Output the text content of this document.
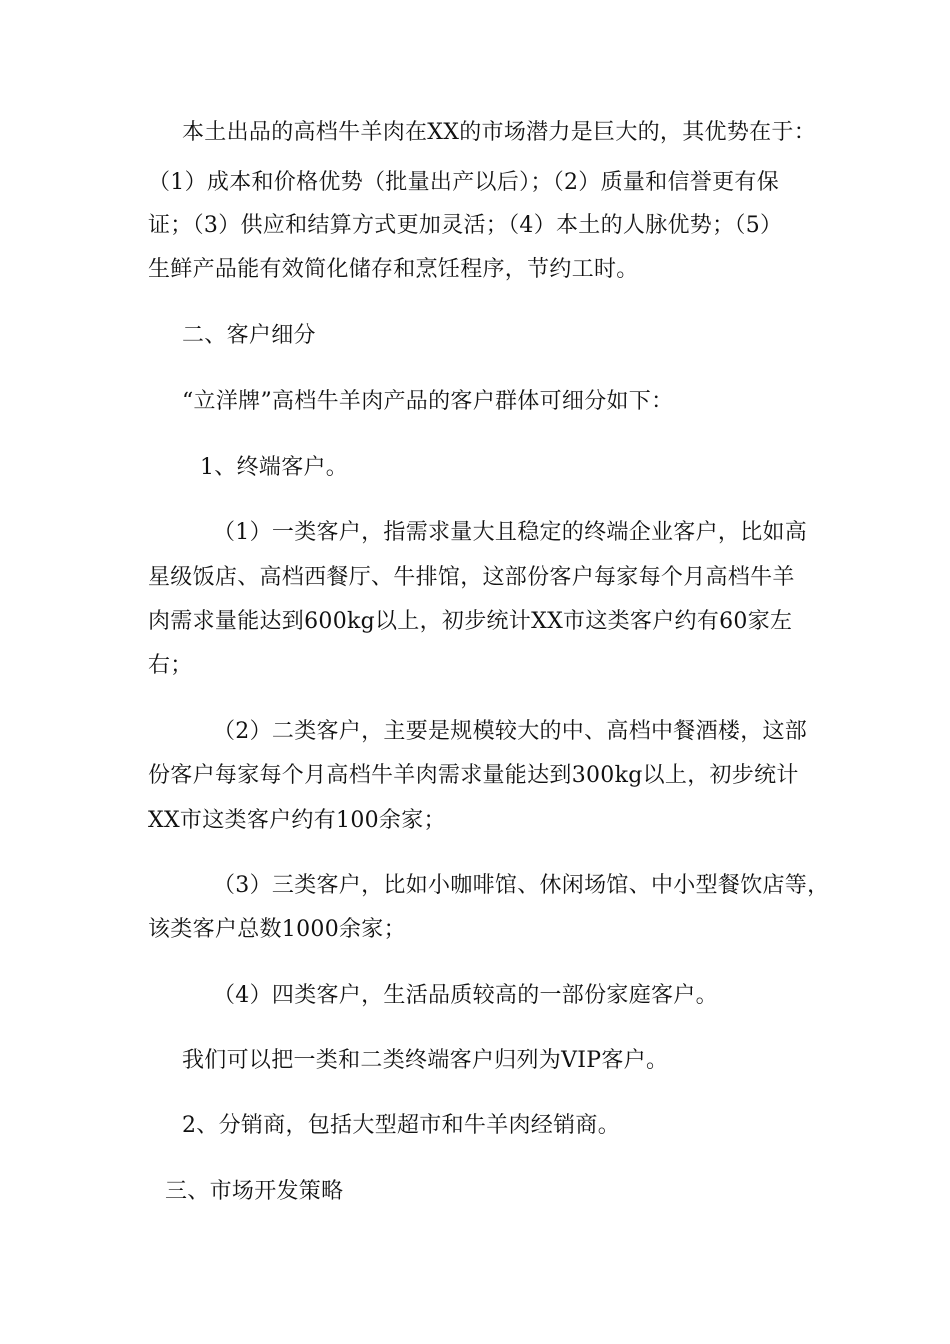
本土出品的高档牛羊肉在XX的市场潜力是巨大的，其优势在于：
（1）成本和价格优势（批量出产以后）；（2）质量和信誉更有保
证；（3）供应和结算方式更加灵活；（4）本土的人脉优势；（5）
生鲜产品能有效简化储存和烹饪程序，节约工时。
二、客户细分
“立洋牌”高档牛羊肉产品的客户群体可细分如下：
1、终端客户。
（1）一类客户，指需求量大且稳定的终端企业客户，比如高
星级饭店、高档西餐厅、牛排馆，这部份客户每家每个月高档牛羊
肉需求量能达到600kg以上，初步统计XX市这类客户约有60家左
右；
（2）二类客户，主要是规模较大的中、高档中餐酒楼，这部
份客户每家每个月高档牛羊肉需求量能达到300kg以上，初步统计
XX市这类客户约有100余家；
（3）三类客户，比如小咖啡馆、休闲场馆、中小型餐饮店等，
该类客户总数1000余家；
（4）四类客户，生活品质较高的一部份家庭客户。
我们可以把一类和二类终端客户归列为VIP客户。
2、分销商，包括大型超市和牛羊肉经销商。
三、市场开发策略
